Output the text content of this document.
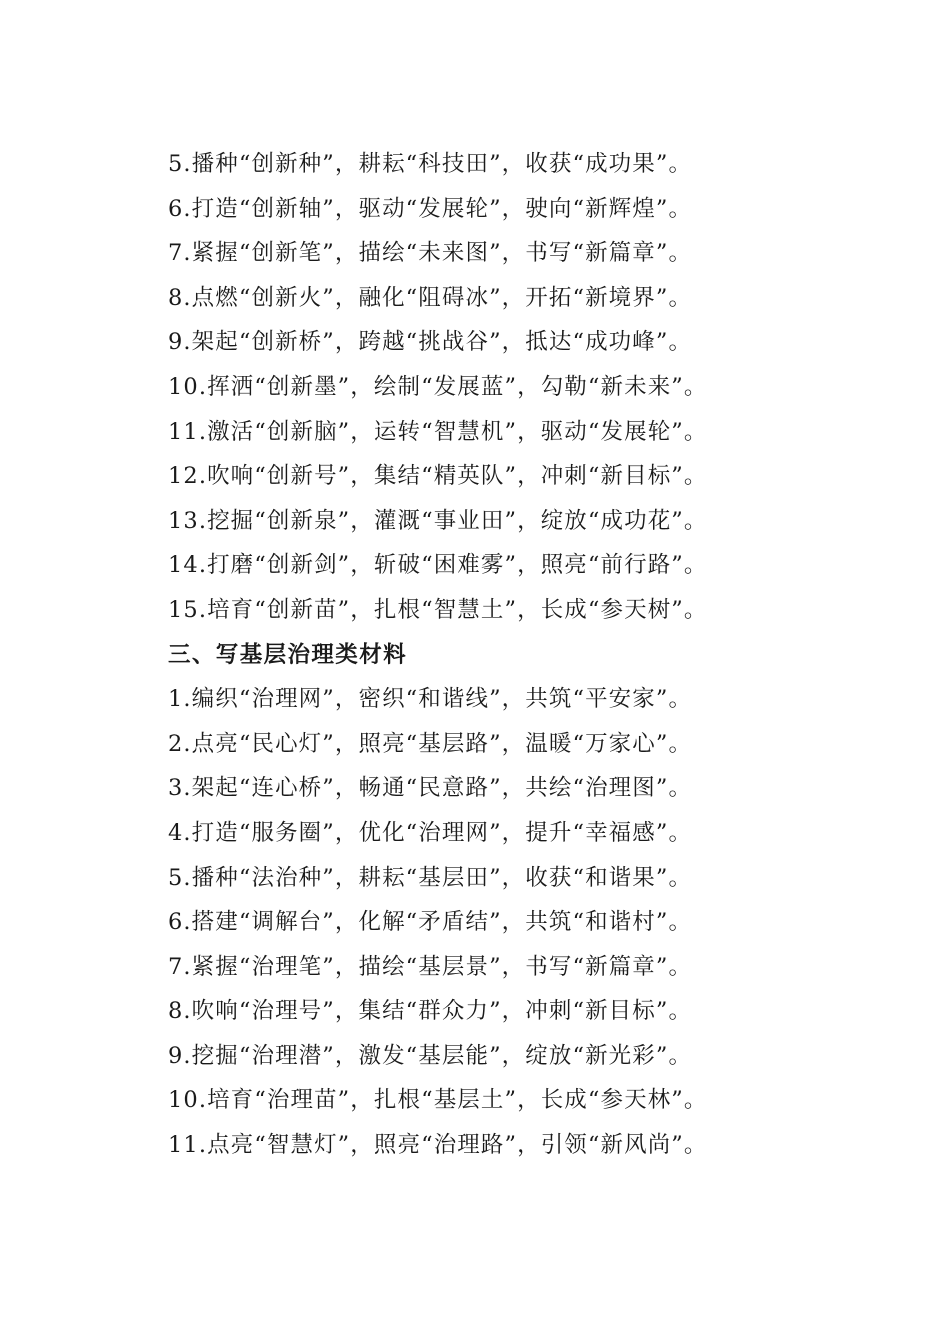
5.播种“创新种”，耕耘“科技田”，收获“成功果”。
6.打造“创新轴”，驱动“发展轮”，驶向“新辉煌”。
7.紧握“创新笔”，描绘“未来图”，书写“新篇章”。
8.点燃“创新火”，融化“阻碍冰”，开拓“新境界”。
9.架起“创新桥”，跨越“挑战谷”，抵达“成功峰”。
10.挥洒“创新墨”，绘制“发展蓝”，勾勒“新未来”。
11.激活“创新脑”，运转“智慧机”，驱动“发展轮”。
12.吹响“创新号”，集结“精英队”，冲刺“新目标”。
13.挖掘“创新泉”，灌溉“事业田”，绽放“成功花”。
14.打磨“创新剑”，斩破“困难雾”，照亮“前行路”。
15.培育“创新苗”，扎根“智慧土”，长成“参天树”。
三、写基层治理类材料
1.编织“治理网”，密织“和谐线”，共筑“平安家”。
2.点亮“民心灯”，照亮“基层路”，温暖“万家心”。
3.架起“连心桥”，畅通“民意路”，共绘“治理图”。
4.打造“服务圈”，优化“治理网”，提升“幸福感”。
5.播种“法治种”，耕耘“基层田”，收获“和谐果”。
6.搭建“调解台”，化解“矛盾结”，共筑“和谐村”。
7.紧握“治理笔”，描绘“基层景”，书写“新篇章”。
8.吹响“治理号”，集结“群众力”，冲刺“新目标”。
9.挖掘“治理潜”，激发“基层能”，绽放“新光彩”。
10.培育“治理苗”，扎根“基层土”，长成“参天林”。
11.点亮“智慧灯”，照亮“治理路”，引领“新风尚”。
